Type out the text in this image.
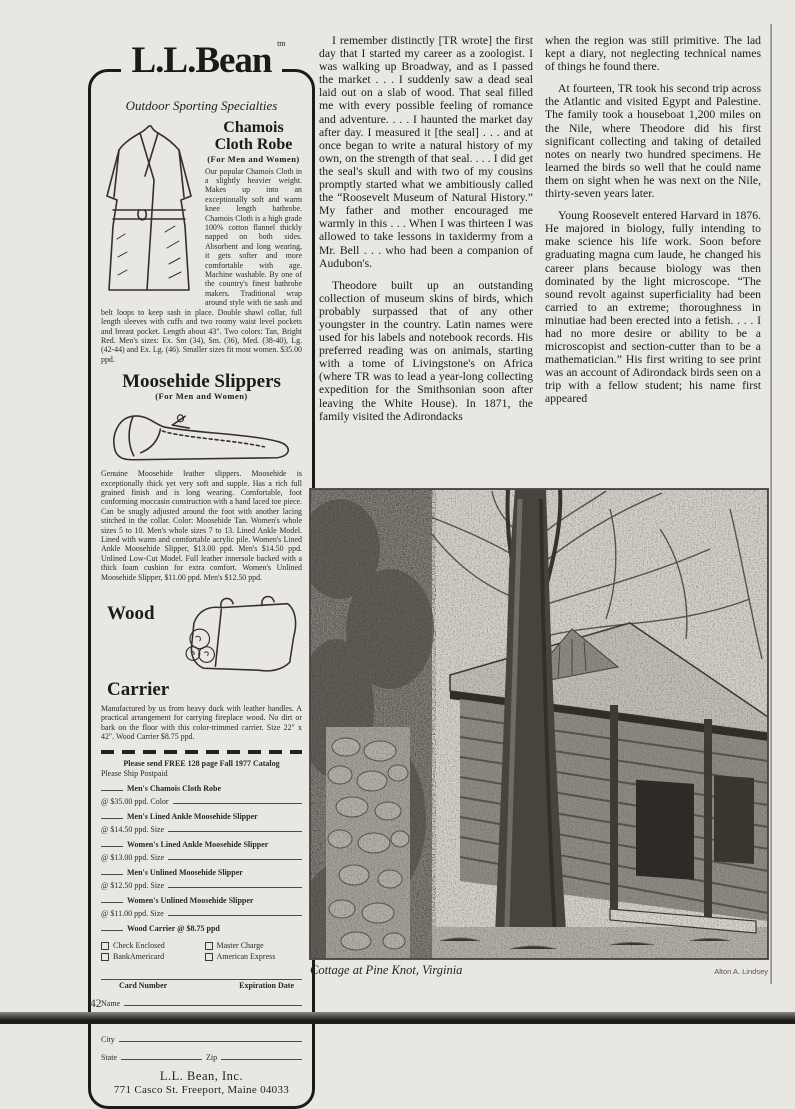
L.L.Bean tm
Outdoor Sporting Specialties
Chamois Cloth Robe
(For Men and Women)

Our popular Chamois Cloth in a slightly heavier weight. Makes up into an exceptionally soft and warm knee length bathrobe. Chamois Cloth is a high grade 100% cotton flannel thickly napped on both sides. Absorbent and long wearing, it gets softer and more comfortable with age. Machine washable. By one of the country's finest bathrobe makers. Traditional wrap around style with tie sash and belt loops to keep sash in place. Double shawl collar, full length sleeves with cuffs and two roomy waist level pockets and breast pocket. Length about 43″. Two colors: Tan, Bright Red. Men's sizes: Ex. Sm (34), Sm. (36), Med. (38-40), Lg. (42-44) and Ex. Lg. (46). Smaller sizes fit most women. $35.00 ppd.

Moosehide Slippers
(For Men and Women)

Genuine Moosehide leather slippers. Moosehide is exceptionally thick yet very soft and supple. Has a rich full grained finish and is long wearing. Comfortable, foot conforming moccasin construction with a hand laced toe piece. Can be snugly adjusted around the foot with another lacing stitched in the collar. Color: Moosehide Tan. Women's whole sizes 5 to 10. Men's whole sizes 7 to 13. Lined Ankle Model. Lined with warm and comfortable acrylic pile. Women's Lined Ankle Moosehide Slipper, $13.00 ppd. Men's $14.50 ppd. Unlined Low-Cut Model. Full leather innersole backed with a thick foam cushion for extra comfort. Women's Unlined Moosehide Slipper, $11.00 ppd. Men's $12.50 ppd.

Wood Carrier

Manufactured by us from heavy duck with leather handles. A practical arrangement for carrying fireplace wood. No dirt or bark on the floor with this color-trimmed carrier. Size 22″ x 42″. Wood Carrier $8.75 ppd.

Please send FREE 128 page Fall 1977 Catalog
Please Ship Postpaid
Men's Chamois Cloth Robe
@ $35.00 ppd. Color
Men's Lined Ankle Moosehide Slipper
@ $14.50 ppd. Size
Women's Lined Ankle Moosehide Slipper
@ $13.00 ppd. Size
Men's Unlined Moosehide Slipper
@ $12.50 ppd. Size
Women's Unlined Moosehide Slipper
@ $11.00 ppd. Size
Wood Carrier @ $8.75 ppd
Check Enclosed	Master Charge
BankAmericard	American Express
Card Number	Expiration Date
Name
City
State	Zip
L.L. Bean, Inc.
771 Casco St. Freeport, Maine 04033

I remember distinctly [TR wrote] the first day that I started my career as a zoologist. I was walking up Broadway, and as I passed the market . . . I suddenly saw a dead seal laid out on a slab of wood. That seal filled me with every possible feeling of romance and adventure. . . . I haunted the market day after day. I measured it [the seal] . . . and at once began to write a natural history of my own, on the strength of that seal. . . . I did get the seal's skull and with two of my cousins promptly started what we ambitiously called the “Roosevelt Museum of Natural History.” My father and mother encouraged me warmly in this . . . When I was thirteen I was allowed to take lessons in taxidermy from a Mr. Bell . . . who had been a companion of Audubon's.

Theodore built up an outstanding collection of museum skins of birds, which probably surpassed that of any other youngster in the country. Latin names were used for his labels and notebook records. His preferred reading was on animals, starting with a tome of Livingstone's on Africa (where TR was to lead a year-long collecting expedition for the Smithsonian soon after leaving the White House). In 1871, the family visited the Adirondacks

when the region was still primitive. The lad kept a diary, not neglecting technical names of things he found there.

At fourteen, TR took his second trip across the Atlantic and visited Egypt and Palestine. The family took a houseboat 1,200 miles on the Nile, where Theodore did his first significant collecting and taking of detailed notes on nearly two hundred specimens. He learned the birds so well that he could name them on sight when he was next on the Nile, thirty-seven years later.

Young Roosevelt entered Harvard in 1876. He majored in biology, fully intending to make science his life work. Soon before graduating magna cum laude, he changed his career plans because biology was then dominated by the light microscope. “The sound revolt against superficiality had been carried to an extreme; thoroughness in minutiae had been erected into a fetish. . . . I had no more desire or ability to be a microscopist and section-cutter than to be a mathematician.” His first writing to see print was an account of Adirondack birds seen on a trip with a fellow student; his name first appeared

Cottage at Pine Knot, Virginia	Alton A. Lindsey
42
